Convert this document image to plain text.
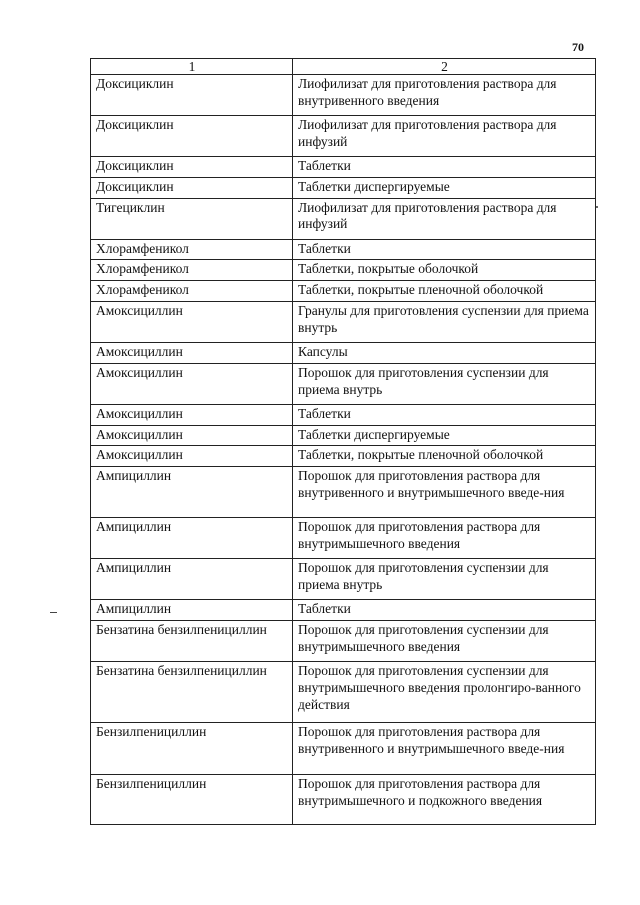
70
1	2
Доксициклин	Лиофилизат для приготовления раствора для внутривенного введения
Доксициклин	Лиофилизат для приготовления раствора для инфузий
Доксициклин	Таблетки
Доксициклин	Таблетки диспергируемые
Тигециклин	Лиофилизат для приготовления раствора для инфузий
Хлорамфеникол	Таблетки
Хлорамфеникол	Таблетки, покрытые оболочкой
Хлорамфеникол	Таблетки, покрытые пленочной оболочкой
Амоксициллин	Гранулы для приготовления суспензии для приема внутрь
Амоксициллин	Капсулы
Амоксициллин	Порошок для приготовления суспензии для приема внутрь
Амоксициллин	Таблетки
Амоксициллин	Таблетки диспергируемые
Амоксициллин	Таблетки, покрытые пленочной оболочкой
Ампициллин	Порошок для приготовления раствора для внутривенного и внутримышечного введе-ния
Ампициллин	Порошок для приготовления раствора для внутримышечного введения
Ампициллин	Порошок для приготовления суспензии для приема внутрь
Ампициллин	Таблетки
Бензатина бензилпенициллин	Порошок для приготовления суспензии для внутримышечного введения
Бензатина бензилпенициллин	Порошок для приготовления суспензии для внутримышечного введения пролонгиро-ванного действия
Бензилпенициллин	Порошок для приготовления раствора для внутривенного и внутримышечного введе-ния
Бензилпенициллин	Порошок для приготовления раствора для внутримышечного и подкожного введения
